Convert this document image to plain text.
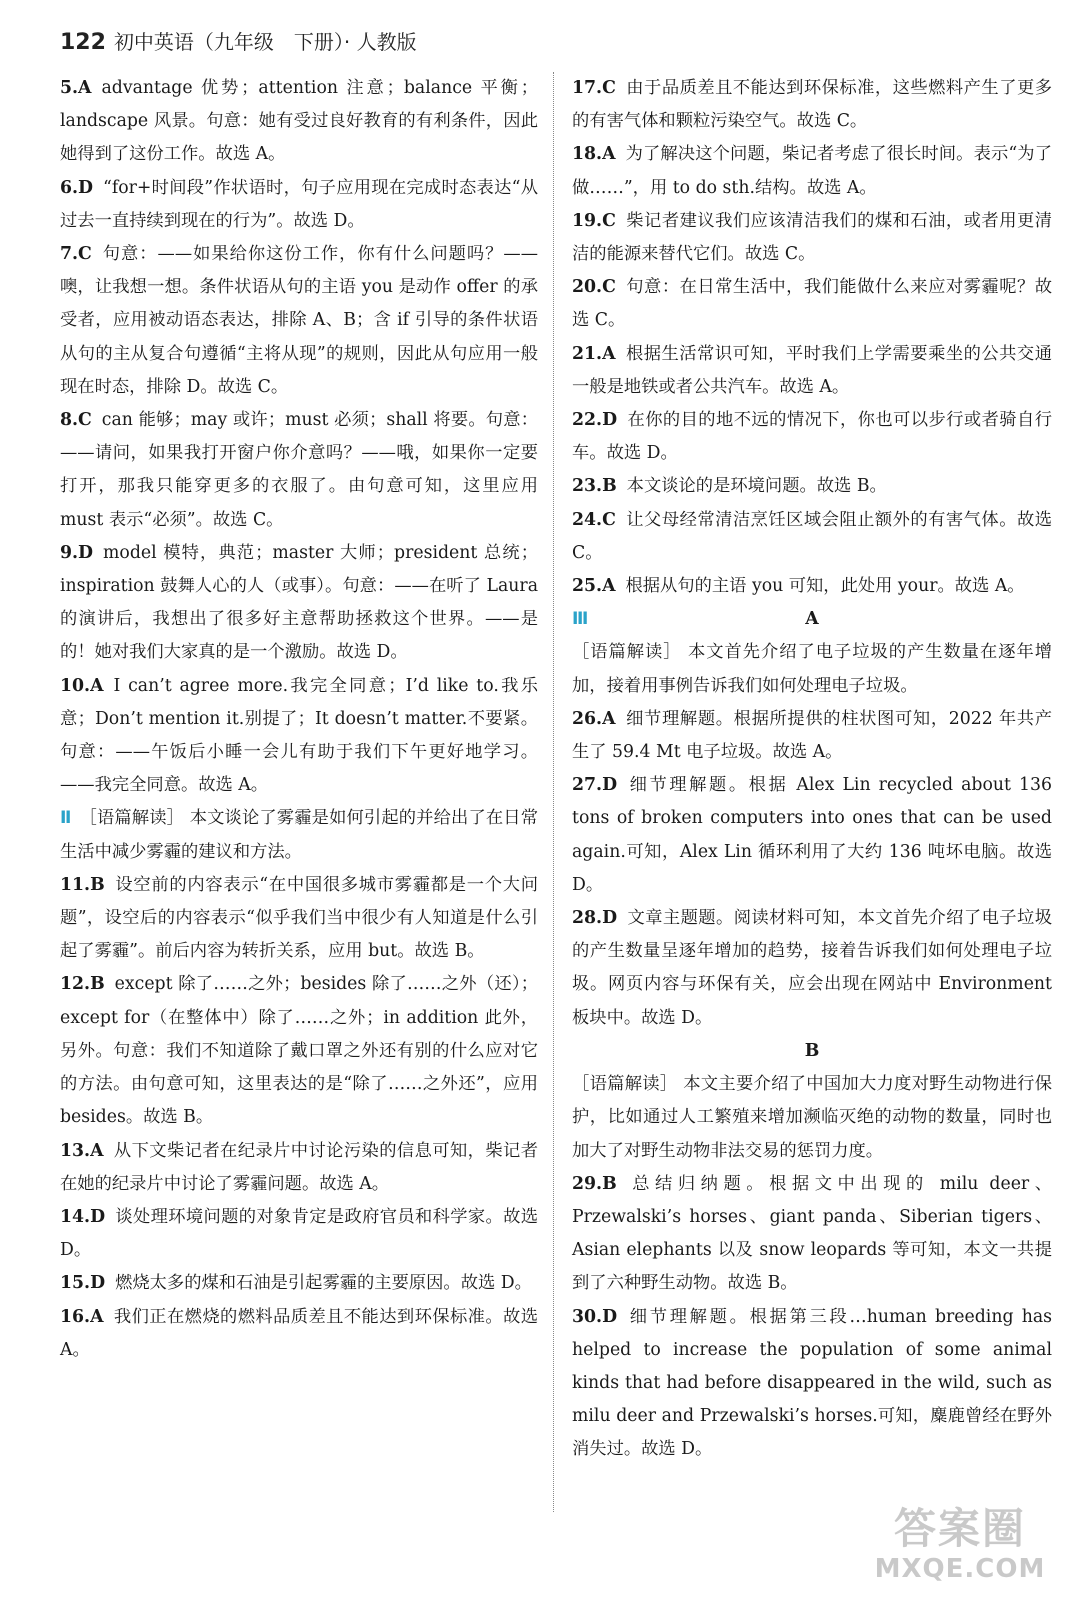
122 初中英语（九年级　下册）· 人教版

5.A advantage 优势；attention 注意；balance 平衡；landscape 风景。句意：她有受过良好教育的有利条件，因此她得到了这份工作。故选 A。

6.D “for+时间段”作状语时，句子应用现在完成时态表达“从过去一直持续到现在的行为”。故选 D。

7.C 句意：——如果给你这份工作，你有什么问题吗？——噢，让我想一想。条件状语从句的主语 you 是动作 offer 的承受者，应用被动语态表达，排除 A、B；含 if 引导的条件状语从句的主从复合句遵循“主将从现”的规则，因此从句应用一般现在时态，排除 D。故选 C。

8.C can 能够；may 或许；must 必须；shall 将要。句意：——请问，如果我打开窗户你介意吗？——哦，如果你一定要打开，那我只能穿更多的衣服了。由句意可知，这里应用 must 表示“必须”。故选 C。

9.D model 模特，典范；master 大师；president 总统；inspiration 鼓舞人心的人（或事）。句意：——在听了 Laura 的演讲后，我想出了很多好主意帮助拯救这个世界。——是的！她对我们大家真的是一个激励。故选 D。

10.A I can’t agree more.我完全同意；I’d like to.我乐意；Don’t mention it.别提了；It doesn’t matter.不要紧。句意：——午饭后小睡一会儿有助于我们下午更好地学习。——我完全同意。故选 A。

Ⅱ ［语篇解读］ 本文谈论了雾霾是如何引起的并给出了在日常生活中减少雾霾的建议和方法。

11.B 设空前的内容表示“在中国很多城市雾霾都是一个大问题”，设空后的内容表示“似乎我们当中很少有人知道是什么引起了雾霾”。前后内容为转折关系，应用 but。故选 B。

12.B except 除了……之外；besides 除了……之外（还）；except for（在整体中）除了……之外；in addition 此外，另外。句意：我们不知道除了戴口罩之外还有别的什么应对它的方法。由句意可知，这里表达的是“除了……之外还”，应用 besides。故选 B。

13.A 从下文柴记者在纪录片中讨论污染的信息可知，柴记者在她的纪录片中讨论了雾霾问题。故选 A。

14.D 谈处理环境问题的对象肯定是政府官员和科学家。故选 D。

15.D 燃烧太多的煤和石油是引起雾霾的主要原因。故选 D。

16.A 我们正在燃烧的燃料品质差且不能达到环保标准。故选 A。

17.C 由于品质差且不能达到环保标准，这些燃料产生了更多的有害气体和颗粒污染空气。故选 C。

18.A 为了解决这个问题，柴记者考虑了很长时间。表示“为了做……”，用 to do sth.结构。故选 A。

19.C 柴记者建议我们应该清洁我们的煤和石油，或者用更清洁的能源来替代它们。故选 C。

20.C 句意：在日常生活中，我们能做什么来应对雾霾呢？故选 C。

21.A 根据生活常识可知，平时我们上学需要乘坐的公共交通一般是地铁或者公共汽车。故选 A。

22.D 在你的目的地不远的情况下，你也可以步行或者骑自行车。故选 D。

23.B 本文谈论的是环境问题。故选 B。

24.C 让父母经常清洁烹饪区域会阻止额外的有害气体。故选 C。

25.A 根据从句的主语 you 可知，此处用 your。故选 A。

Ⅲ	A

［语篇解读］ 本文首先介绍了电子垃圾的产生数量在逐年增加，接着用事例告诉我们如何处理电子垃圾。

26.A 细节理解题。根据所提供的柱状图可知，2022 年共产生了 59.4 Mt 电子垃圾。故选 A。

27.D 细节理解题。根据 Alex Lin recycled about 136 tons of broken computers into ones that can be used again.可知，Alex Lin 循环利用了大约 136 吨坏电脑。故选 D。

28.D 文章主题题。阅读材料可知，本文首先介绍了电子垃圾的产生数量呈逐年增加的趋势，接着告诉我们如何处理电子垃圾。网页内容与环保有关，应会出现在网站中 Environment 板块中。故选 D。

B

［语篇解读］ 本文主要介绍了中国加大力度对野生动物进行保护，比如通过人工繁殖来增加濒临灭绝的动物的数量，同时也加大了对野生动物非法交易的惩罚力度。

29.B 总结归纳题。根据文中出现的 milu deer、Przewalski’s horses、giant panda、Siberian tigers、Asian elephants 以及 snow leopards 等可知，本文一共提到了六种野生动物。故选 B。

30.D 细节理解题。根据第三段…human breeding has helped to increase the population of some animal kinds that had before disappeared in the wild, such as milu deer and Przewalski’s horses.可知，麋鹿曾经在野外消失过。故选 D。

答案圈
MXQE.COM
